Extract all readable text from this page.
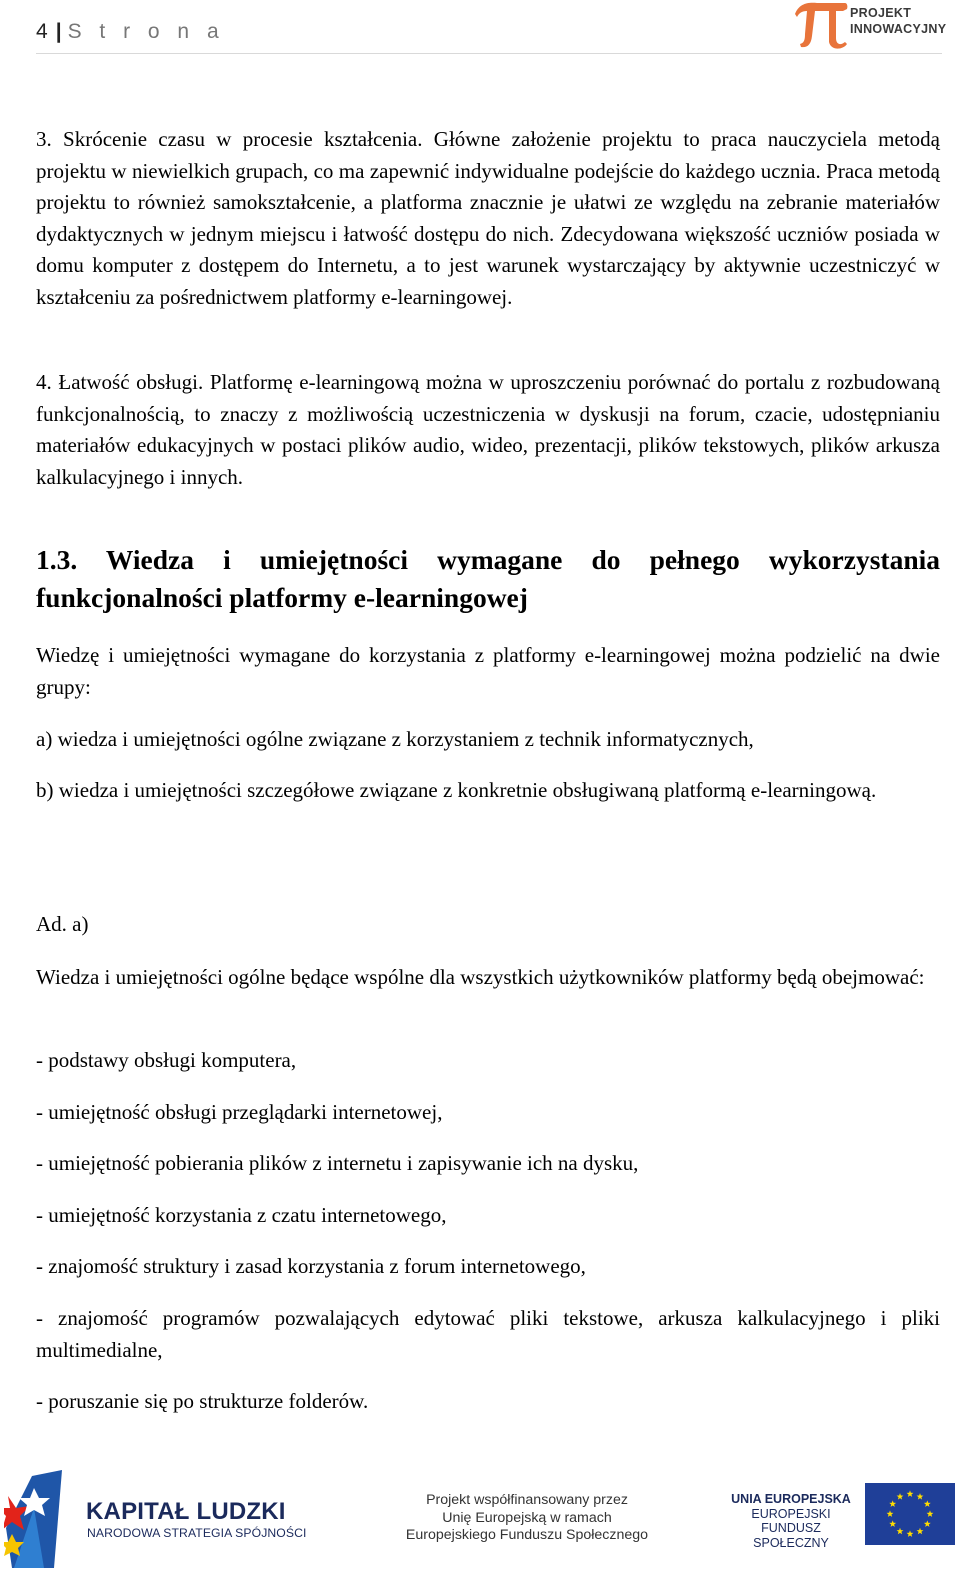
4 | S t r o n a
PROJEKT
INNOWACYJNY

3. Skrócenie czasu w procesie kształcenia. Główne założenie projektu to praca nauczyciela metodą projektu w niewielkich grupach, co ma zapewnić indywidualne podejście do każdego ucznia. Praca metodą projektu to również samokształcenie, a platforma znacznie je ułatwi ze względu na zebranie materiałów dydaktycznych w jednym miejscu i łatwość dostępu do nich. Zdecydowana większość uczniów posiada w domu komputer z dostępem do Internetu, a to jest warunek wystarczający by aktywnie uczestniczyć w kształceniu za pośrednictwem platformy e-learningowej.

4. Łatwość obsługi. Platformę e-learningową można w uproszczeniu porównać do portalu z rozbudowaną funkcjonalnością, to znaczy z możliwością uczestniczenia w dyskusji na forum, czacie, udostępnianiu materiałów edukacyjnych w postaci plików audio, wideo, prezentacji, plików tekstowych, plików arkusza kalkulacyjnego i innych.

1.3. Wiedza i umiejętności wymagane do pełnego wykorzystania funkcjonalności platformy e-learningowej

Wiedzę i umiejętności wymagane do korzystania z platformy e-learningowej można podzielić na dwie grupy:

a) wiedza i umiejętności ogólne związane z korzystaniem z technik informatycznych,

b) wiedza i umiejętności szczegółowe związane z konkretnie obsługiwaną platformą e-learningową.

Ad. a)

Wiedza i umiejętności ogólne będące wspólne dla wszystkich użytkowników platformy będą obejmować:

- podstawy obsługi komputera,

- umiejętność obsługi przeglądarki internetowej,

- umiejętność pobierania plików z internetu i zapisywanie ich na dysku,

- umiejętność korzystania z czatu internetowego,

- znajomość struktury i zasad korzystania z forum internetowego,

- znajomość programów pozwalających edytować pliki tekstowe, arkusza kalkulacyjnego i pliki multimedialne,

- poruszanie się po strukturze folderów.

KAPITAŁ LUDZKI
NARODOWA STRATEGIA SPÓJNOŚCI
Projekt współfinansowany przez
Unię Europejską w ramach
Europejskiego Funduszu Społecznego
UNIA EUROPEJSKA
EUROPEJSKI
FUNDUSZ SPOŁECZNY
